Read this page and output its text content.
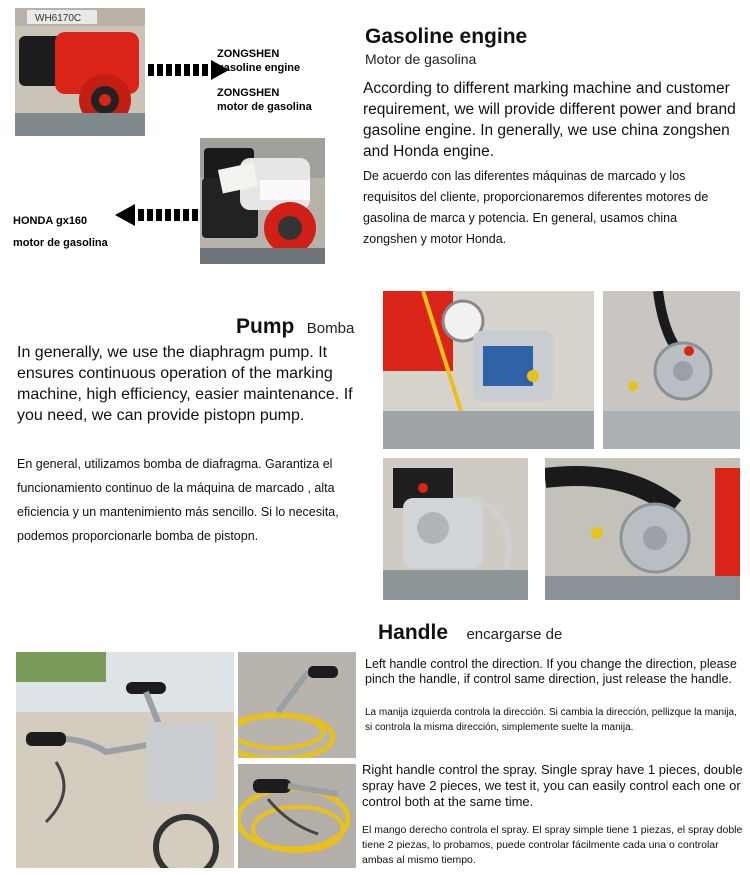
WH6170C
ZONGSHEN
gasoline engine
ZONGSHEN
motor de gasolina
HONDA gx160
motor de gasolina
Gasoline engine
Motor de gasolina
According to different marking machine and customer requirement, we will provide different power and brand gasoline engine. In generally, we use china zongshen and Honda engine.
De acuerdo con las diferentes máquinas de marcado y los requisitos del cliente, proporcionaremos diferentes motores de gasolina de marca y potencia. En general, usamos china zongshen y motor Honda.
Pump Bomba
In generally, we use the diaphragm pump. It ensures continuous operation of the marking machine, high efficiency, easier maintenance. If you need, we can provide pistopn pump.
En general, utilizamos bomba de diafragma. Garantiza el funcionamiento continuo de la máquina de marcado , alta eficiencia y un mantenimiento más sencillo. Si lo necesita, podemos proporcionarle bomba de pistopn.
Handle encargarse de
Left handle control the direction. If you change the direction, please pinch the handle, if control same direction, just release the handle.
La manija izquierda controla la dirección. Si cambia la dirección, pellizque la manija, si controla la misma dirección, simplemente suelte la manija.
Right handle control the spray. Single spray have 1 pieces, double spray have 2 pieces, we test it, you can easily control each one or control both at the same time.
El mango derecho controla el spray. El spray simple tiene 1 piezas, el spray doble tiene 2 piezas, lo probamos, puede controlar fácilmente cada una o controlar ambas al mismo tiempo.
